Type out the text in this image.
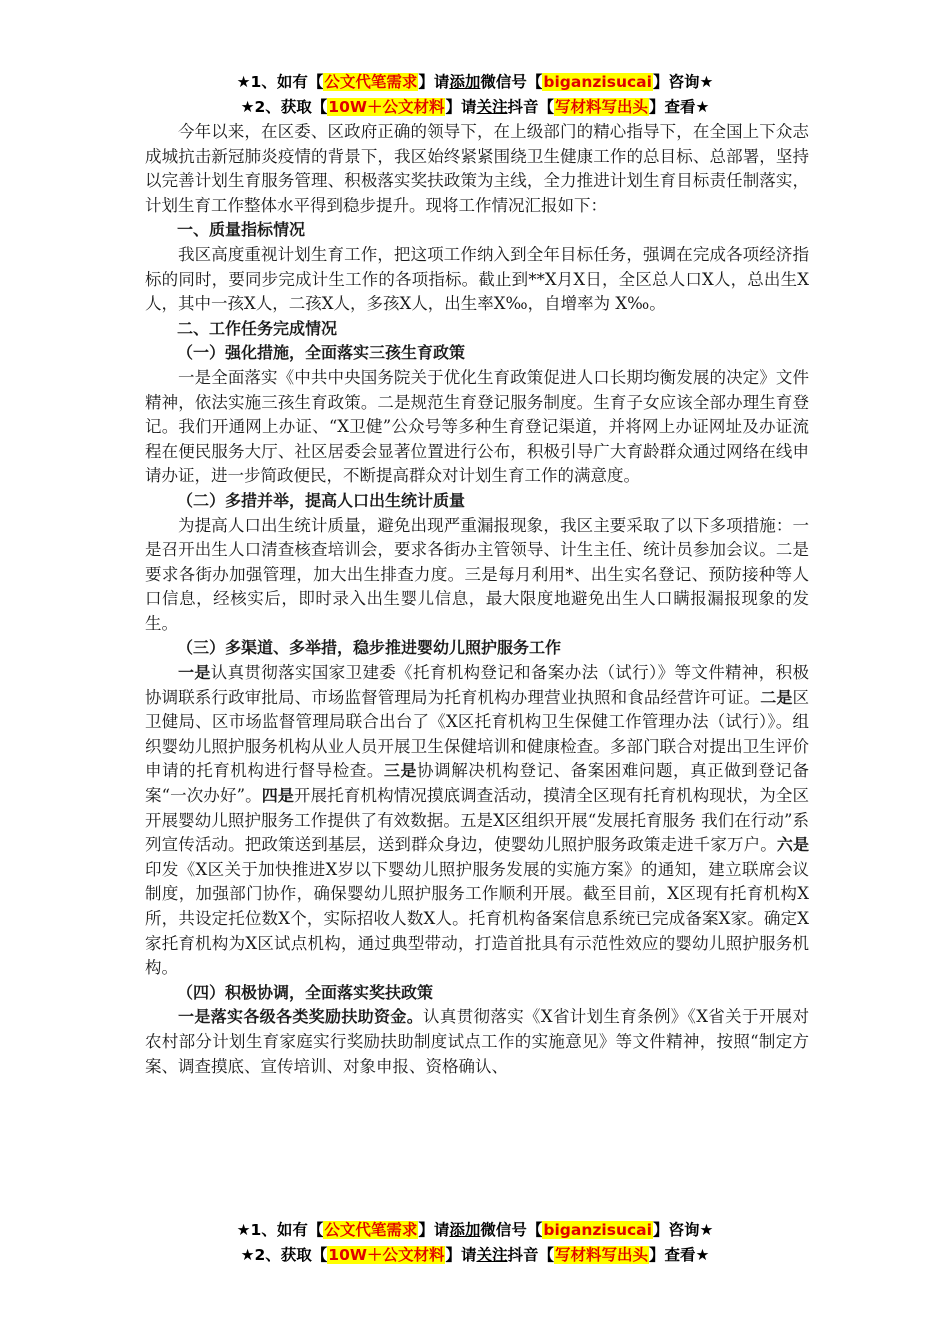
★1、如有【公文代笔需求】请添加微信号【biganzisucai】咨询★
★2、获取【10W＋公文材料】请关注抖音【写材料写出头】查看★

今年以来，在区委、区政府正确的领导下，在上级部门的精心指导下，在全国上下众志成城抗击新冠肺炎疫情的背景下，我区始终紧紧围绕卫生健康工作的总目标、总部署，坚持以完善计划生育服务管理、积极落实奖扶政策为主线，全力推进计划生育目标责任制落实，计划生育工作整体水平得到稳步提升。现将工作情况汇报如下：

一、质量指标情况

我区高度重视计划生育工作，把这项工作纳入到全年目标任务，强调在完成各项经济指标的同时，要同步完成计生工作的各项指标。截止到**X月X日，全区总人口X人，总出生X人，其中一孩X人，二孩X人，多孩X人，出生率X‰，自增率为 X‰。

二、工作任务完成情况

（一）强化措施，全面落实三孩生育政策

一是全面落实《中共中央国务院关于优化生育政策促进人口长期均衡发展的决定》文件精神，依法实施三孩生育政策。二是规范生育登记服务制度。生育子女应该全部办理生育登记。我们开通网上办证、“X卫健”公众号等多种生育登记渠道，并将网上办证网址及办证流程在便民服务大厅、社区居委会显著位置进行公布，积极引导广大育龄群众通过网络在线申请办证，进一步简政便民，不断提高群众对计划生育工作的满意度。

（二）多措并举，提高人口出生统计质量

为提高人口出生统计质量，避免出现严重漏报现象，我区主要采取了以下多项措施：一是召开出生人口清查核查培训会，要求各街办主管领导、计生主任、统计员参加会议。二是要求各街办加强管理，加大出生排查力度。三是每月利用*、出生实名登记、预防接种等人口信息，经核实后，即时录入出生婴儿信息，最大限度地避免出生人口瞒报漏报现象的发生。

（三）多渠道、多举措，稳步推进婴幼儿照护服务工作

一是认真贯彻落实国家卫建委《托育机构登记和备案办法（试行）》等文件精神，积极协调联系行政审批局、市场监督管理局为托育机构办理营业执照和食品经营许可证。二是区卫健局、区市场监督管理局联合出台了《X区托育机构卫生保健工作管理办法（试行）》。组织婴幼儿照护服务机构从业人员开展卫生保健培训和健康检查。多部门联合对提出卫生评价申请的托育机构进行督导检查。三是协调解决机构登记、备案困难问题，真正做到登记备案“一次办好”。四是开展托育机构情况摸底调查活动，摸清全区现有托育机构现状，为全区开展婴幼儿照护服务工作提供了有效数据。五是X区组织开展“发展托育服务 我们在行动”系列宣传活动。把政策送到基层，送到群众身边，使婴幼儿照护服务政策走进千家万户。六是印发《X区关于加快推进X岁以下婴幼儿照护服务发展的实施方案》的通知，建立联席会议制度，加强部门协作，确保婴幼儿照护服务工作顺利开展。截至目前，X区现有托育机构X所，共设定托位数X个，实际招收人数X人。托育机构备案信息系统已完成备案X家。确定X家托育机构为X区试点机构，通过典型带动，打造首批具有示范性效应的婴幼儿照护服务机构。

（四）积极协调，全面落实奖扶政策

一是落实各级各类奖励扶助资金。认真贯彻落实《X省计划生育条例》《X省关于开展对农村部分计划生育家庭实行奖励扶助制度试点工作的实施意见》等文件精神，按照“制定方案、调查摸底、宣传培训、对象申报、资格确认、

★1、如有【公文代笔需求】请添加微信号【biganzisucai】咨询★
★2、获取【10W＋公文材料】请关注抖音【写材料写出头】查看★
